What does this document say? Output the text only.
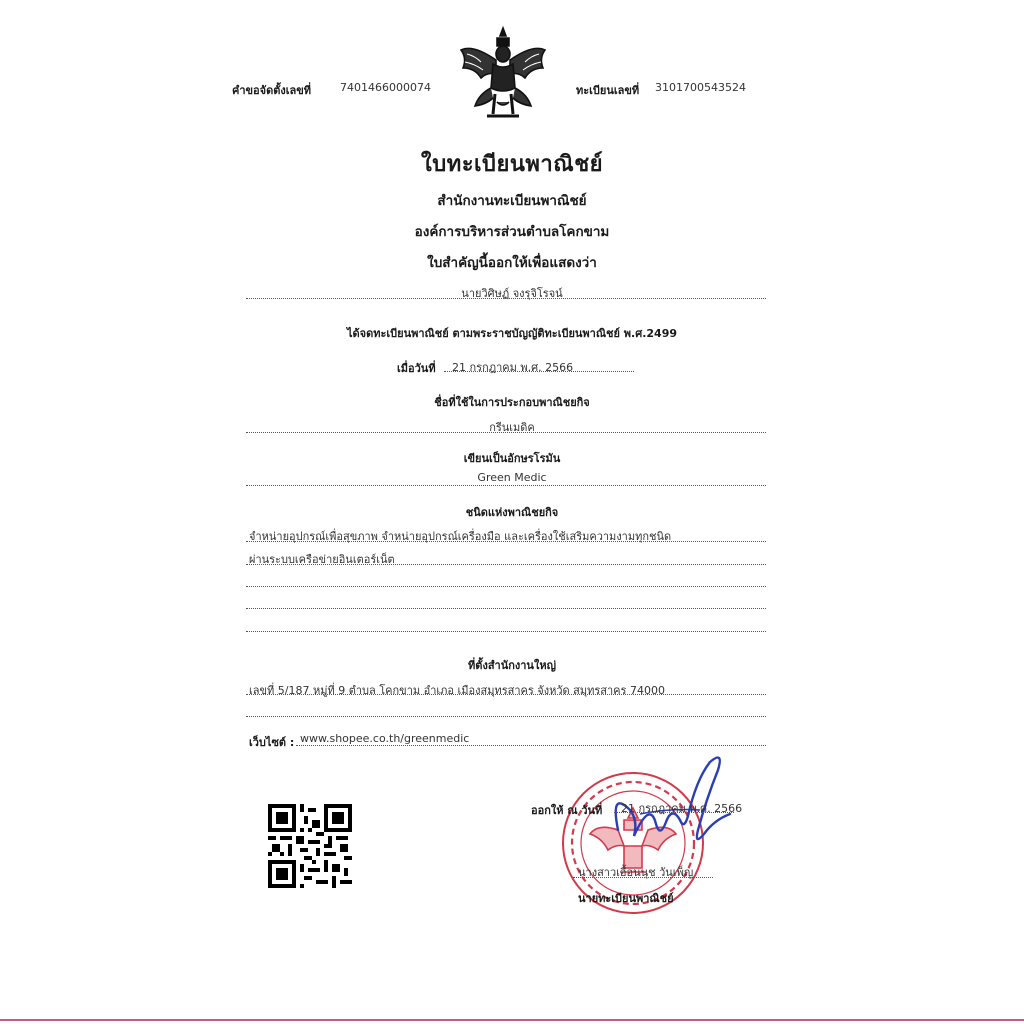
คำขอจัดตั้งเลขที่	7401466000074	ทะเบียนเลขที่ 3101700543524
ใบทะเบียนพาณิชย์
สำนักงานทะเบียนพาณิชย์
องค์การบริหารส่วนตำบลโคกขาม
ใบสำคัญนี้ออกให้เพื่อแสดงว่า
นายวิศิษฏ์ จงรุจิโรจน์
ได้จดทะเบียนพาณิชย์ ตามพระราชบัญญัติทะเบียนพาณิชย์ พ.ศ.2499
เมื่อวันที่ 21 กรกฎาคม พ.ศ. 2566
ชื่อที่ใช้ในการประกอบพาณิชยกิจ
กรีนเมดิค
เขียนเป็นอักษรโรมัน
Green Medic
ชนิดแห่งพาณิชยกิจ
จำหน่ายอุปกรณ์เพื่อสุขภาพ จำหน่ายอุปกรณ์เครื่องมือ และเครื่องใช้เสริมความงามทุกชนิด
ผ่านระบบเครือข่ายอินเตอร์เน็ต
ที่ตั้งสำนักงานใหญ่
เลขที่ 5/187 หมู่ที่ 9 ตำบล โคกขาม อำเภอ เมืองสมุทรสาคร จังหวัด สมุทรสาคร 74000
เว็บไซต์ : www.shopee.co.th/greenmedic
ออกให้ ณ วันที่ 21 กรกฎาคม พ.ศ. 2566
นางสาวเอื้อนนุช วันเพ็ญ
นายทะเบียนพาณิชย์
